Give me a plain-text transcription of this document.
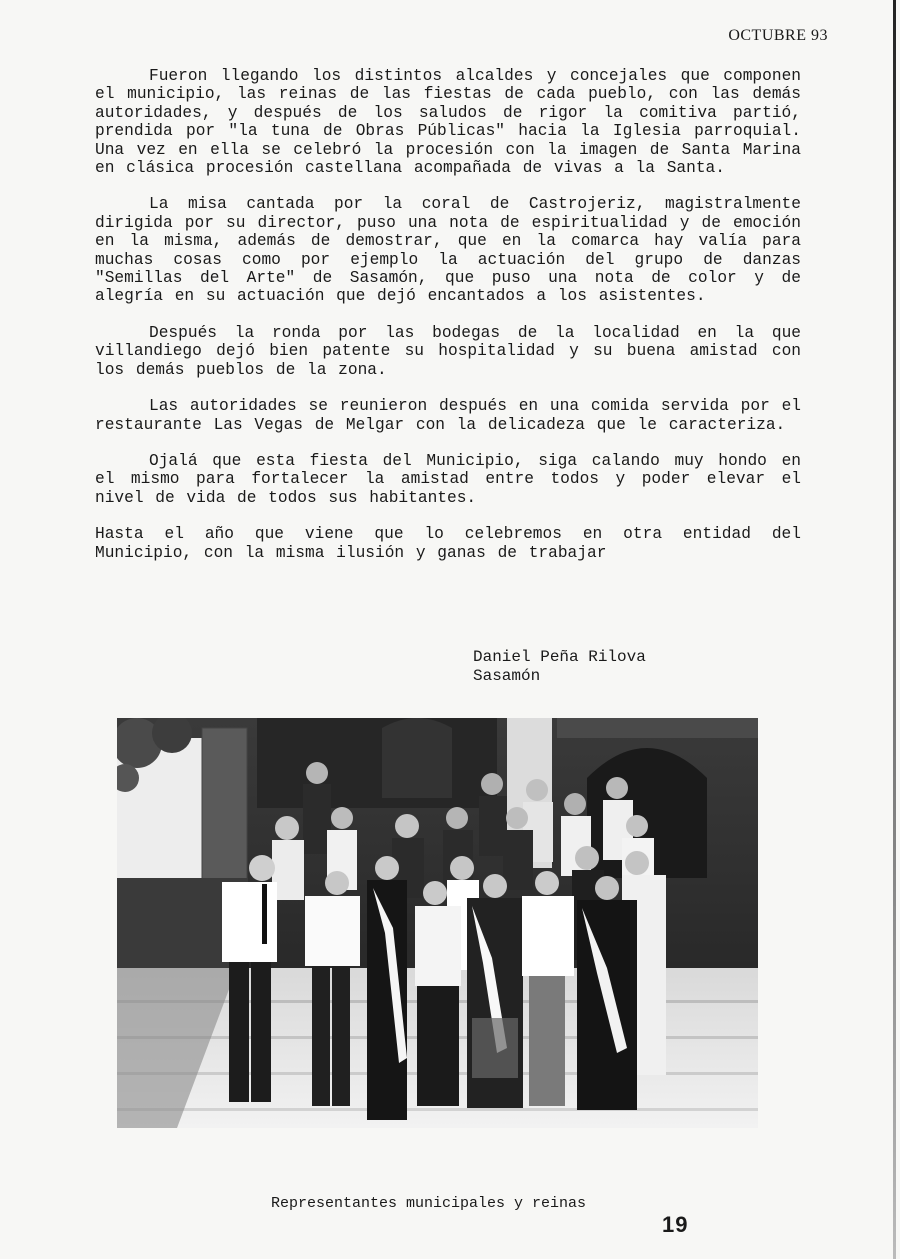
OCTUBRE 93

Fueron llegando los distintos alcaldes y concejales que componen el municipio, las reinas de las fiestas de cada pueblo, con las demás autoridades, y después de los saludos de rigor la comitiva partió, prendida por "la tuna de Obras Públicas" hacia la Iglesia parroquial. Una vez en ella se celebró la procesión con la imagen de Santa Marina en clásica procesión castellana acompañada de vivas a la Santa.

La misa cantada por la coral de Castrojeriz, magistralmente dirigida por su director, puso una nota de espiritualidad y de emoción en la misma, además de demostrar, que en la comarca hay valía para muchas cosas como por ejemplo la actuación del grupo de danzas "Semillas del Arte" de Sasamón, que puso una nota de color y de alegría en su actuación que dejó encantados a los asistentes.

Después la ronda por las bodegas de la localidad en la que villandiego dejó bien patente su hospitalidad y su buena amistad con los demás pueblos de la zona.

Las autoridades se reunieron después en una comida servida por el restaurante Las Vegas de Melgar con la delicadeza que le caracteriza.

Ojalá que esta fiesta del Municipio, siga calando muy hondo en el mismo para fortalecer la amistad entre todos y poder elevar el nivel de vida de todos sus habitantes.

Hasta el año que viene que lo celebremos en otra entidad del Municipio, con la misma ilusión y ganas de trabajar

Daniel Peña Rilova
Sasamón
Representantes municipales y reinas
19
